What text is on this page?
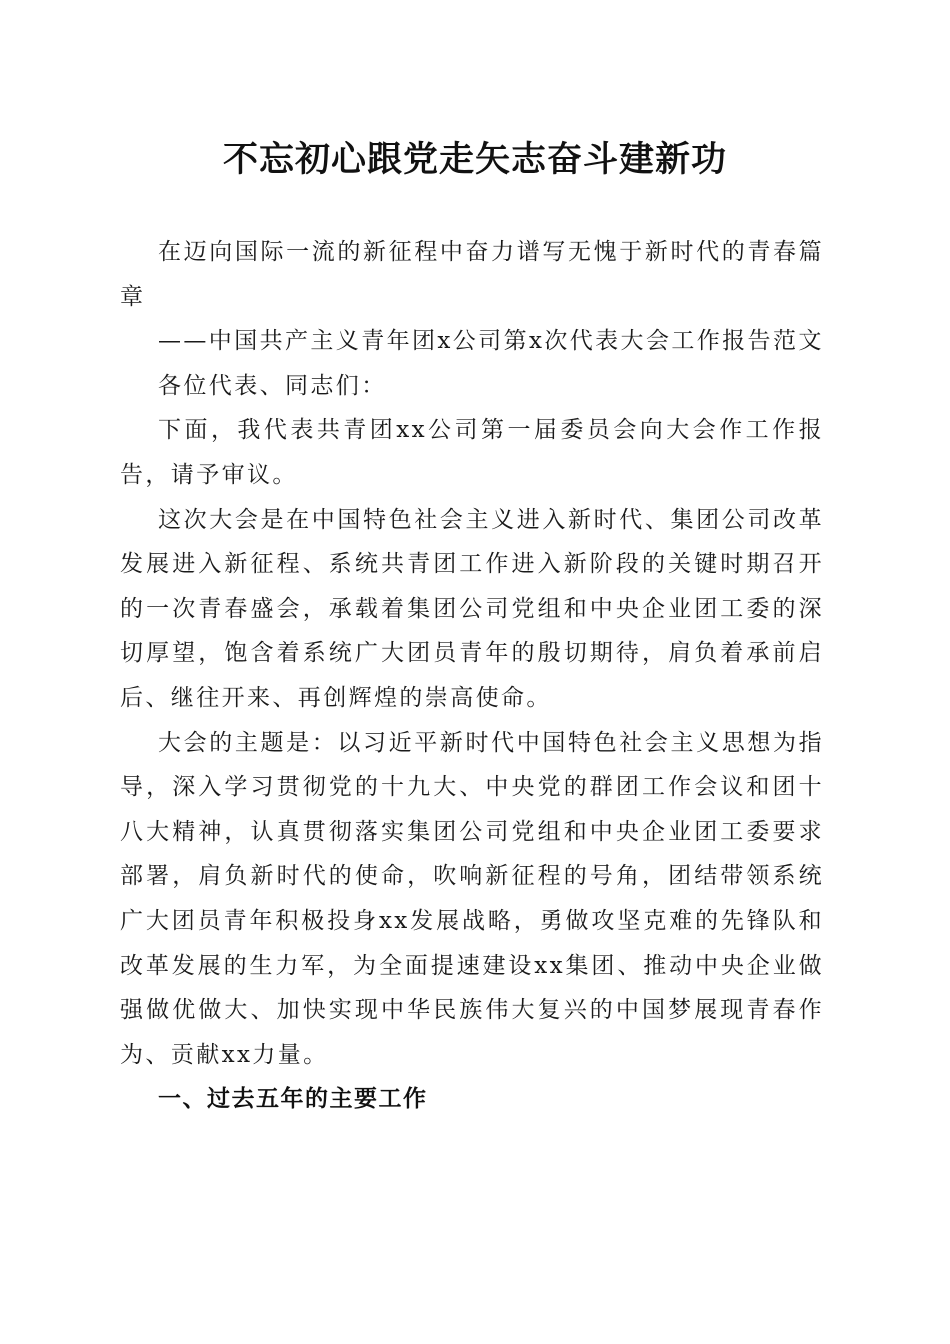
不忘初心跟党走矢志奋斗建新功

在迈向国际一流的新征程中奋力谱写无愧于新时代的青春篇章

——中国共产主义青年团x公司第x次代表大会工作报告范文

各位代表、同志们：

下面，我代表共青团xx公司第一届委员会向大会作工作报告，请予审议。

这次大会是在中国特色社会主义进入新时代、集团公司改革发展进入新征程、系统共青团工作进入新阶段的关键时期召开的一次青春盛会，承载着集团公司党组和中央企业团工委的深切厚望，饱含着系统广大团员青年的殷切期待，肩负着承前启后、继往开来、再创辉煌的崇高使命。

大会的主题是：以习近平新时代中国特色社会主义思想为指导，深入学习贯彻党的十九大、中央党的群团工作会议和团十八大精神，认真贯彻落实集团公司党组和中央企业团工委要求部署，肩负新时代的使命，吹响新征程的号角，团结带领系统广大团员青年积极投身xx发展战略，勇做攻坚克难的先锋队和改革发展的生力军，为全面提速建设xx集团、推动中央企业做强做优做大、加快实现中华民族伟大复兴的中国梦展现青春作为、贡献xx力量。

一、过去五年的主要工作
